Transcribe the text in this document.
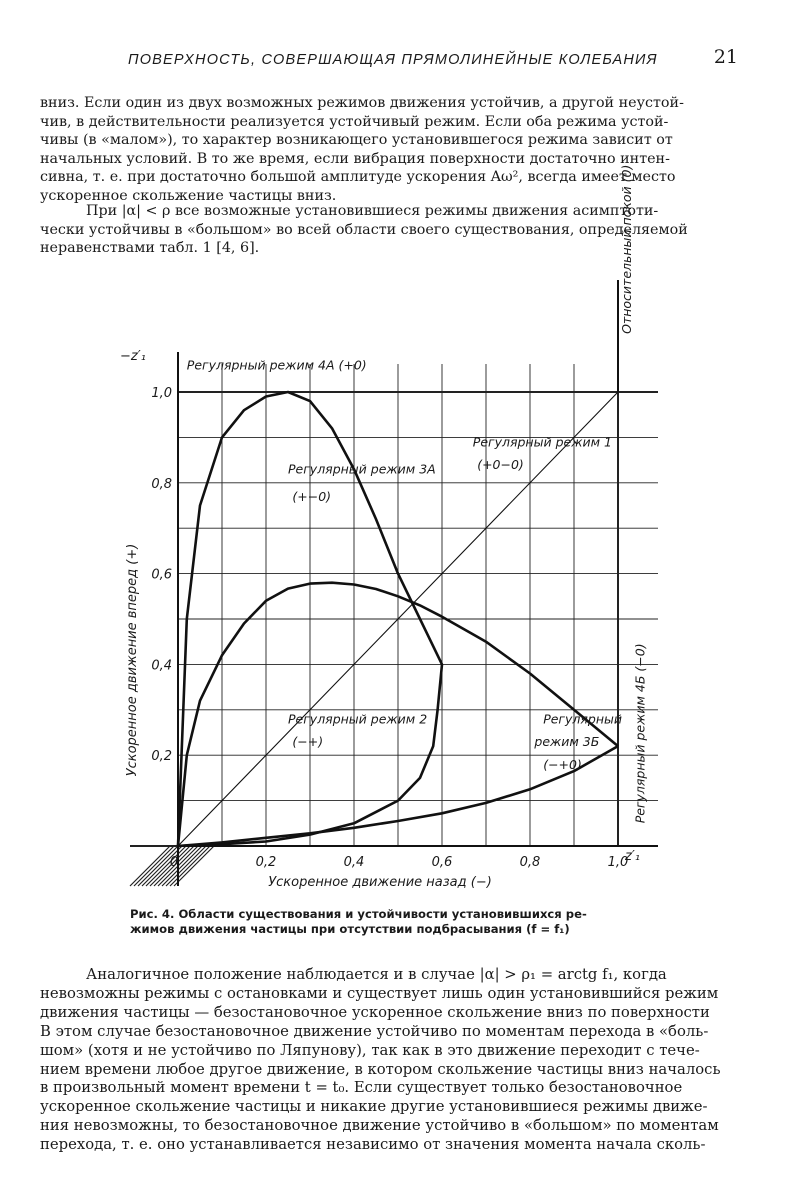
ПОВЕРХНОСТЬ, СОВЕРШАЮЩАЯ ПРЯМОЛИНЕЙНЫЕ КОЛЕБАНИЯ	21

вниз. Если один из двух возможных режимов движения устойчив, а другой неустой-
чив, в действительности реализуется устойчивый режим. Если оба режима устой-
чивы (в «малом»), то характер возникающего установившегося режима зависит от
начальных условий. В то же время, если вибрация поверхности достаточно интен-
сивна, т. е. при достаточно большой амплитуде ускорения Aω², всегда имеет место
ускоренное скольжение частицы вниз.

При |α| < ρ все возможные установившиеся режимы движения асимптоти-
чески устойчивы в «большом» во всей области своего существования, определяемой
неравенствами табл. 1 [4, 6].

0	0,2	0,4	0,6	0,8	1,0
0,2
0,4
0,6
0,8
1,0
Регулярный режим 4А (+0)
Относительный покой (0)
Регулярный режим 1
(+0−0)
Регулярный режим 3А
(+−0)
Регулярный режим 2
(−+)
Регулярный
режим 3Б
(−+0)	Регулярный режим 4Б (−0)
Ускоренное движение назад (−)
Ускоренное движение вперед (+)
−z′₁
z′₁

Рис. 4. Области существования и устойчивости установившихся ре-
жимов движения частицы при отсутствии подбрасывания (f = f₁)

Аналогичное положение наблюдается и в случае |α| > ρ₁ = arctg f₁, когда
невозможны режимы с остановками и существует лишь один установившийся режим
движения частицы — безостановочное ускоренное скольжение вниз по поверхности
В этом случае безостановочное движение устойчиво по моментам перехода в «боль-
шом» (хотя и не устойчиво по Ляпунову), так как в это движение переходит с тече-
нием времени любое другое движение, в котором скольжение частицы вниз началось
в произвольный момент времени t = t₀. Если существует только безостановочное
ускоренное скольжение частицы и никакие другие установившиеся режимы движе-
ния невозможны, то безостановочное движение устойчиво в «большом» по моментам
перехода, т. е. оно устанавливается независимо от значения момента начала сколь-
